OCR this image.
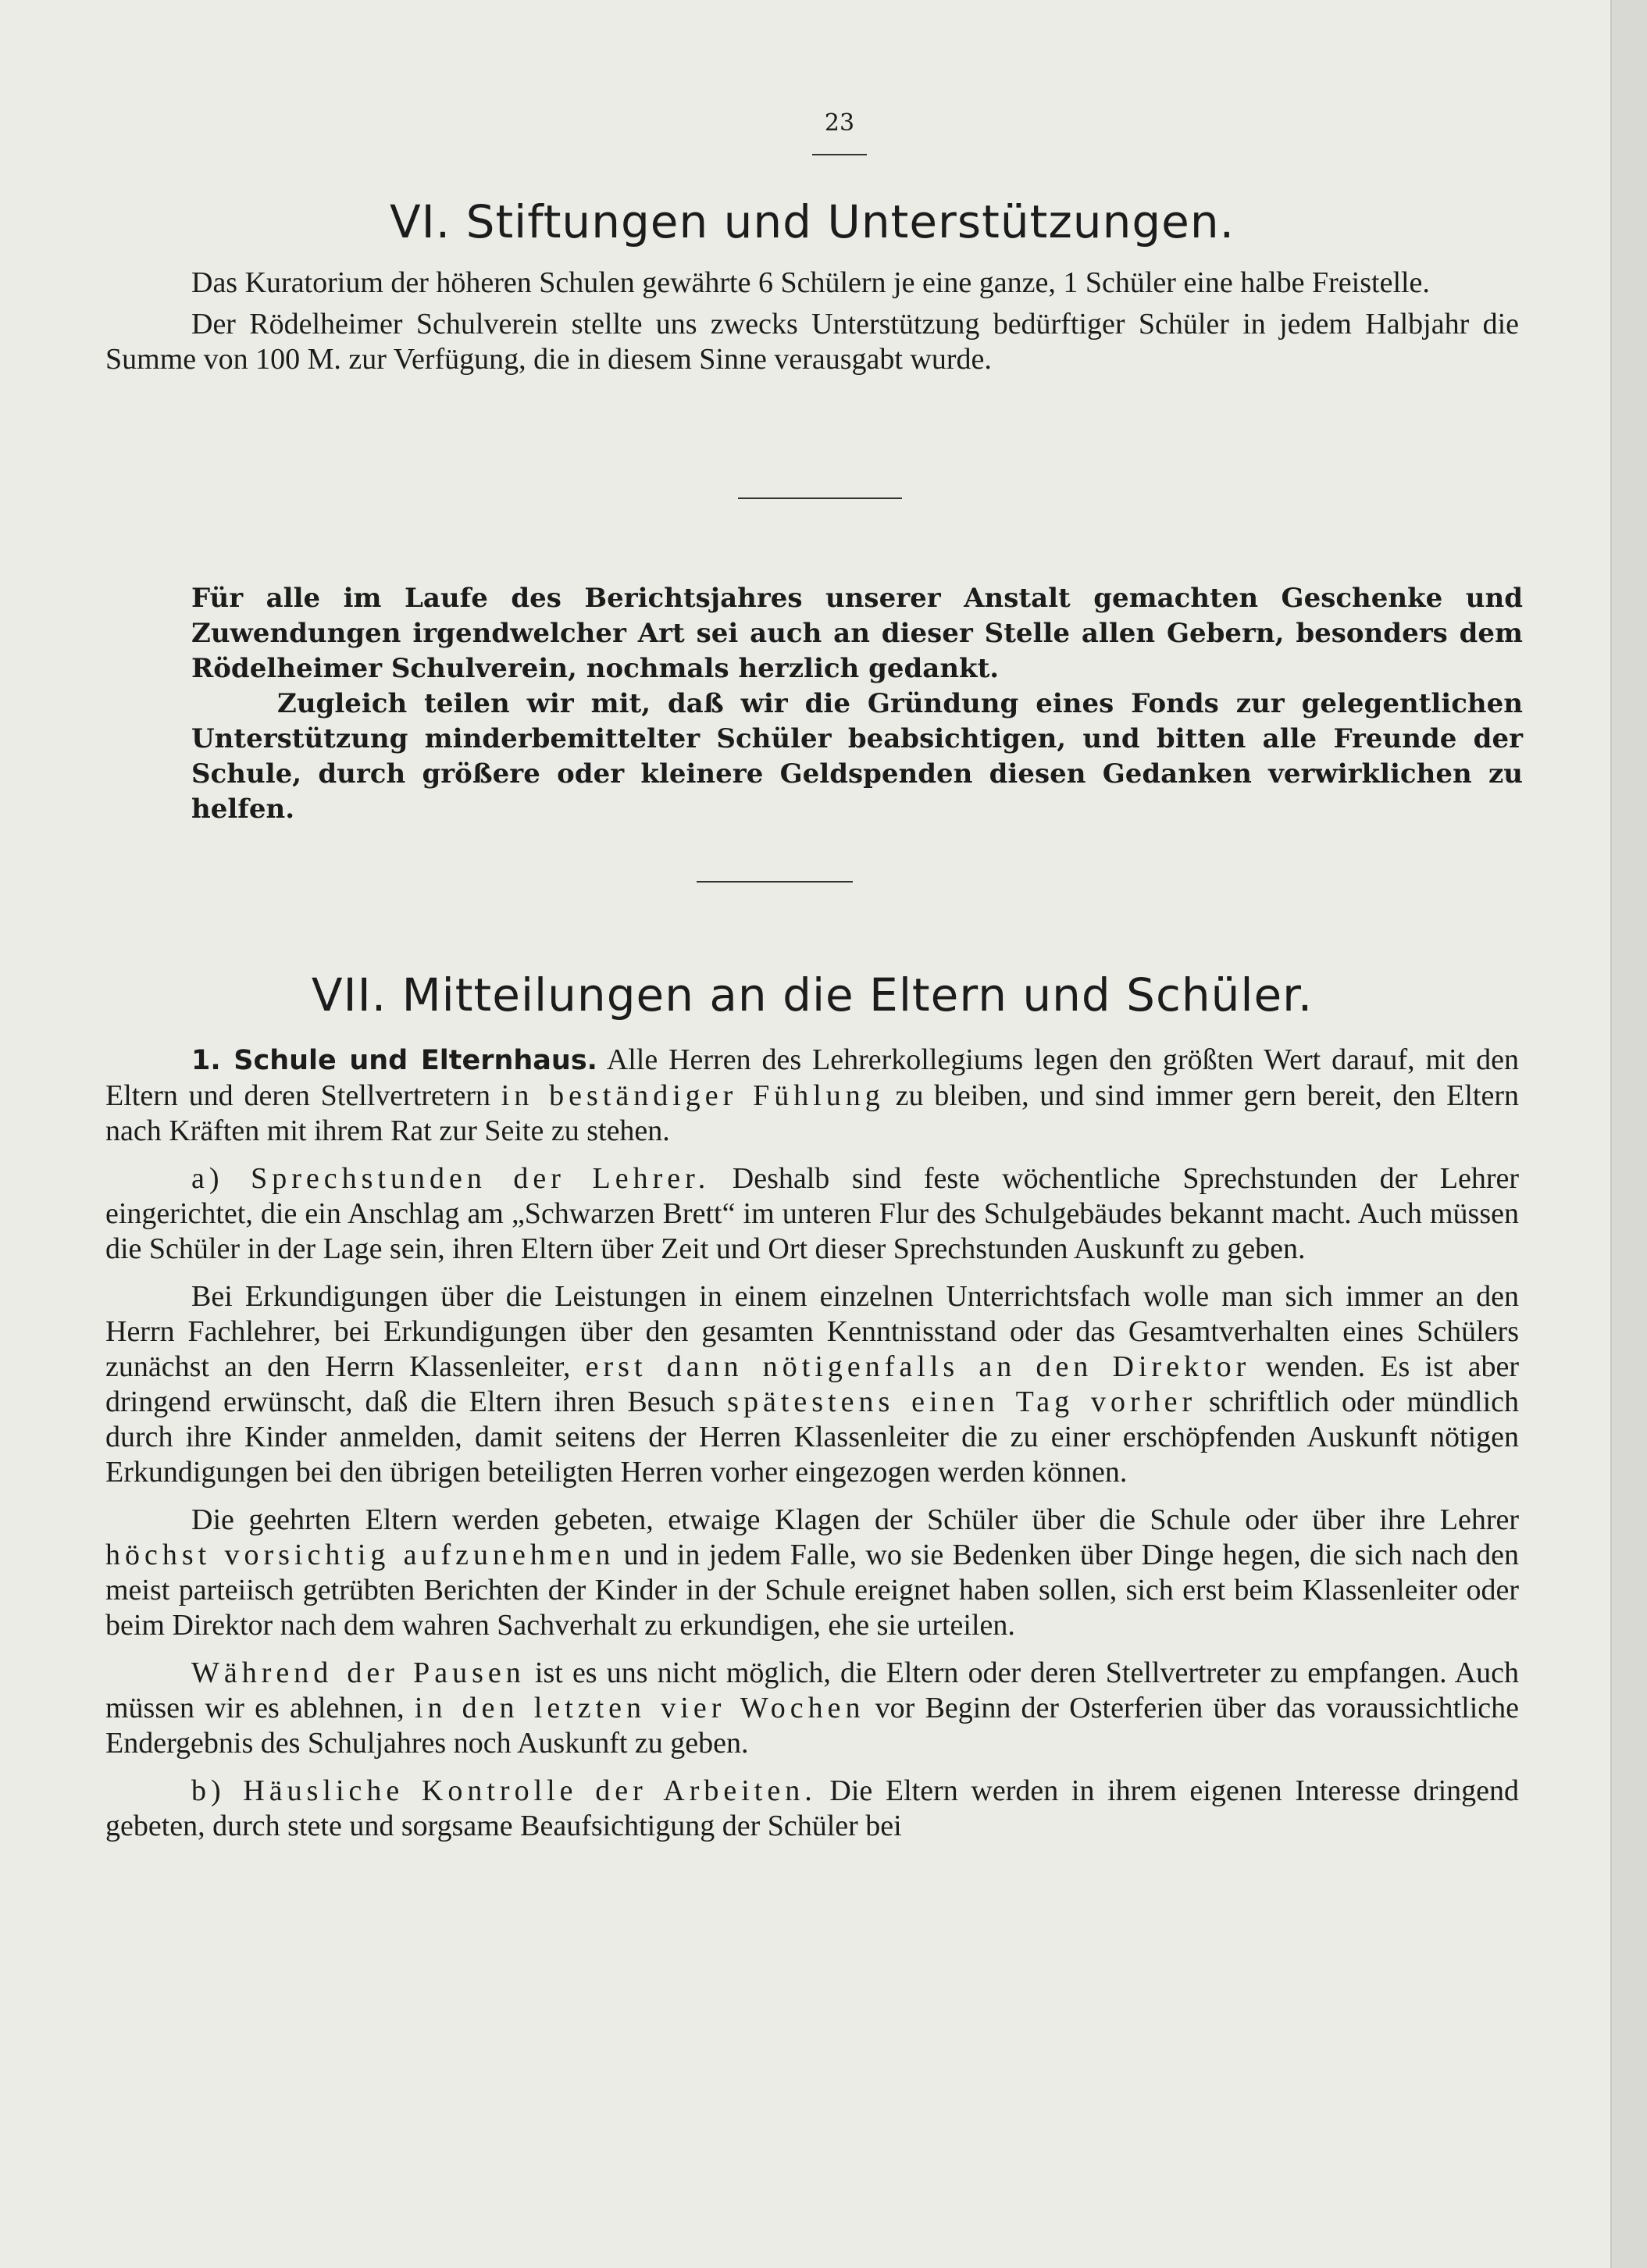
23
VI. Stiftungen und Unterstützungen.

Das Kuratorium der höheren Schulen gewährte 6 Schülern je eine ganze, 1 Schüler eine halbe Freistelle.

Der Rödelheimer Schulverein stellte uns zwecks Unterstützung bedürftiger Schüler in jedem Halbjahr die Summe von 100 M. zur Verfügung, die in diesem Sinne verausgabt wurde.

Für alle im Laufe des Berichtsjahres unserer Anstalt gemachten Geschenke und Zuwendungen irgendwelcher Art sei auch an dieser Stelle allen Gebern, besonders dem Rödelheimer Schulverein, nochmals herzlich gedankt.

Zugleich teilen wir mit, daß wir die Gründung eines Fonds zur gelegentlichen Unterstützung minderbemittelter Schüler beabsichtigen, und bitten alle Freunde der Schule, durch größere oder kleinere Geldspenden diesen Gedanken verwirklichen zu helfen.

VII. Mitteilungen an die Eltern und Schüler.

1. Schule und Elternhaus. Alle Herren des Lehrerkollegiums legen den größten Wert darauf, mit den Eltern und deren Stellvertretern in beständiger Fühlung zu bleiben, und sind immer gern bereit, den Eltern nach Kräften mit ihrem Rat zur Seite zu stehen.

a) Sprechstunden der Lehrer. Deshalb sind feste wöchentliche Sprechstunden der Lehrer eingerichtet, die ein Anschlag am „Schwarzen Brett“ im unteren Flur des Schulgebäudes bekannt macht. Auch müssen die Schüler in der Lage sein, ihren Eltern über Zeit und Ort dieser Sprechstunden Auskunft zu geben.

Bei Erkundigungen über die Leistungen in einem einzelnen Unterrichtsfach wolle man sich immer an den Herrn Fachlehrer, bei Erkundigungen über den gesamten Kenntnisstand oder das Gesamtverhalten eines Schülers zunächst an den Herrn Klassenleiter, erst dann nötigenfalls an den Direktor wenden. Es ist aber dringend erwünscht, daß die Eltern ihren Besuch spätestens einen Tag vorher schriftlich oder mündlich durch ihre Kinder anmelden, damit seitens der Herren Klassenleiter die zu einer erschöpfenden Auskunft nötigen Erkundigungen bei den übrigen beteiligten Herren vorher eingezogen werden können.

Die geehrten Eltern werden gebeten, etwaige Klagen der Schüler über die Schule oder über ihre Lehrer höchst vorsichtig aufzunehmen und in jedem Falle, wo sie Bedenken über Dinge hegen, die sich nach den meist parteiisch getrübten Berichten der Kinder in der Schule ereignet haben sollen, sich erst beim Klassenleiter oder beim Direktor nach dem wahren Sachverhalt zu erkundigen, ehe sie urteilen.

Während der Pausen ist es uns nicht möglich, die Eltern oder deren Stellvertreter zu empfangen. Auch müssen wir es ablehnen, in den letzten vier Wochen vor Beginn der Osterferien über das voraussichtliche Endergebnis des Schuljahres noch Auskunft zu geben.

b) Häusliche Kontrolle der Arbeiten. Die Eltern werden in ihrem eigenen Interesse dringend gebeten, durch stete und sorgsame Beaufsichtigung der Schüler bei
